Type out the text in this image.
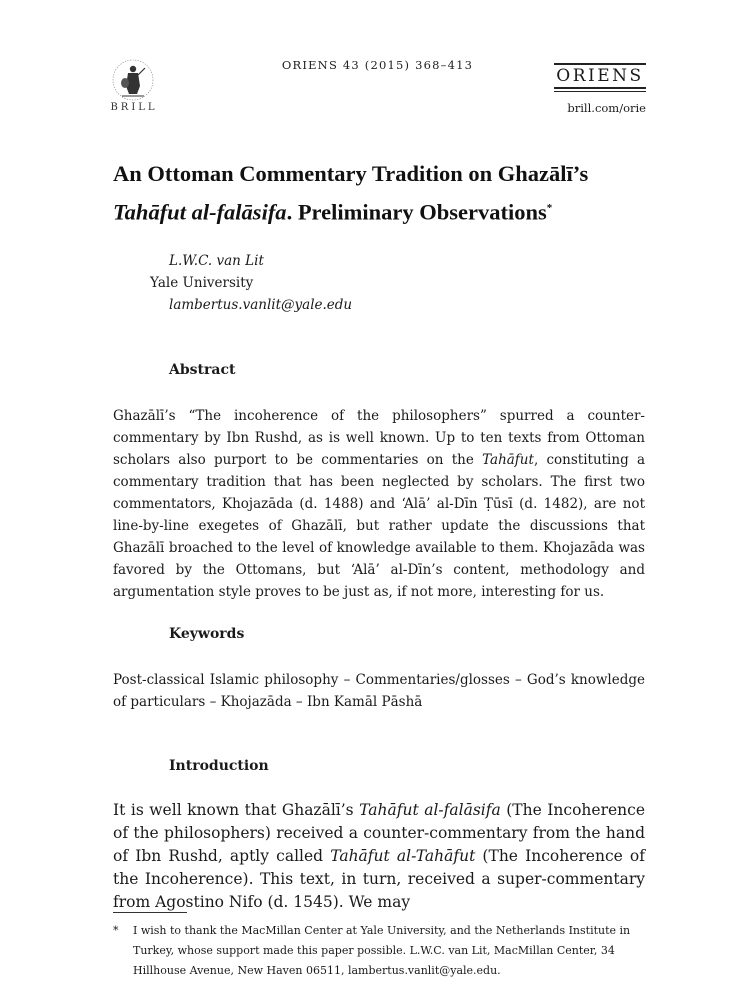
BRILL
ORIENS 43 (2015) 368–413
ORIENS
brill.com/orie
An Ottoman Commentary Tradition on Ghazālī’s
Tahāfut al-falāsifa. Preliminary Observations*
L.W.C. van Lit
Yale University
lambertus.vanlit@yale.edu
Abstract
Ghazālī’s “The incoherence of the philosophers” spurred a counter-commentary by Ibn Rushd, as is well known. Up to ten texts from Ottoman scholars also purport to be commentaries on the Tahāfut, constituting a commentary tradition that has been neglected by scholars. The first two commentators, Khojazāda (d. 1488) and ‘Alā’ al-Dīn Ṭūsī (d. 1482), are not line-by-line exegetes of Ghazālī, but rather update the discussions that Ghazālī broached to the level of knowledge available to them. Khojazāda was favored by the Ottomans, but ‘Alā’ al-Dīn’s content, methodology and argumentation style proves to be just as, if not more, interesting for us.
Keywords
Post-classical Islamic philosophy – Commentaries/glosses – God’s knowledge of particulars – Khojazāda – Ibn Kamāl Pāshā
Introduction
It is well known that Ghazālī’s Tahāfut al-falāsifa (The Incoherence of the philosophers) received a counter-commentary from the hand of Ibn Rushd, aptly called Tahāfut al-Tahāfut (The Incoherence of the Incoherence). This text, in turn, received a super-commentary from Agostino Nifo (d. 1545). We may
*	I wish to thank the MacMillan Center at Yale University, and the Netherlands Institute in Turkey, whose support made this paper possible. L.W.C. van Lit, MacMillan Center, 34 Hillhouse Avenue, New Haven 06511, lambertus.vanlit@yale.edu.
